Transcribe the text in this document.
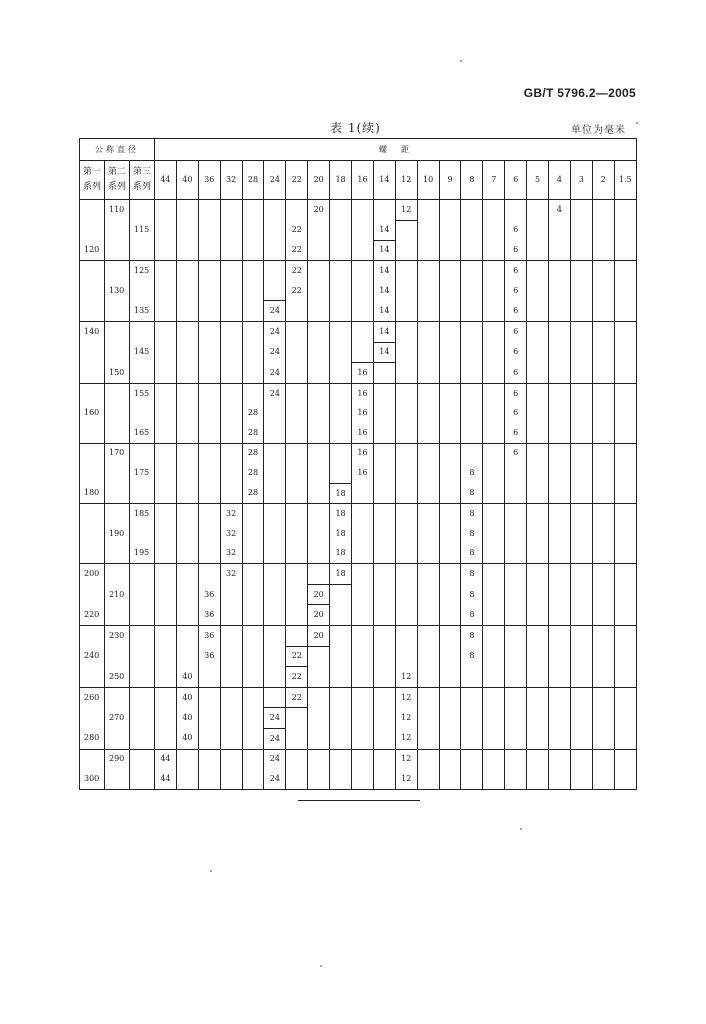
GB/T 5796.2—2005
表 1(续)	单位为毫米
公称直径			螺　距																					
第一系列	第二系列	第三系列	44	40	36	32	28	24	22	20	18	16	14	12	10	9	8	7	6	5	4	3	2	1.5
	110									20				12							4			
		115							22				14						6					
120									22				14						6					
		125							22				14						6					
	130								22				14						6					
		135						24					14						6					
140								24					14						6					
		145						24					14						6					
	150							24				16							6					
		155						24				16							6					
160							28					16							6					
		165					28					16							6					
	170						28					16							6					
		175					28					16					8							
180							28				18						8							
		185				32					18						8							
	190					32					18						8							
		195				32					18						8							
200						32					18						8							
	210				36					20							8							
220					36					20							8							
	230				36					20							8							
240					36				22								8							
	250			40					22					12										
260				40					22					12										
	270			40				24						12										
280				40				24						12										
	290		44					24						12										
300			44					24						12										
